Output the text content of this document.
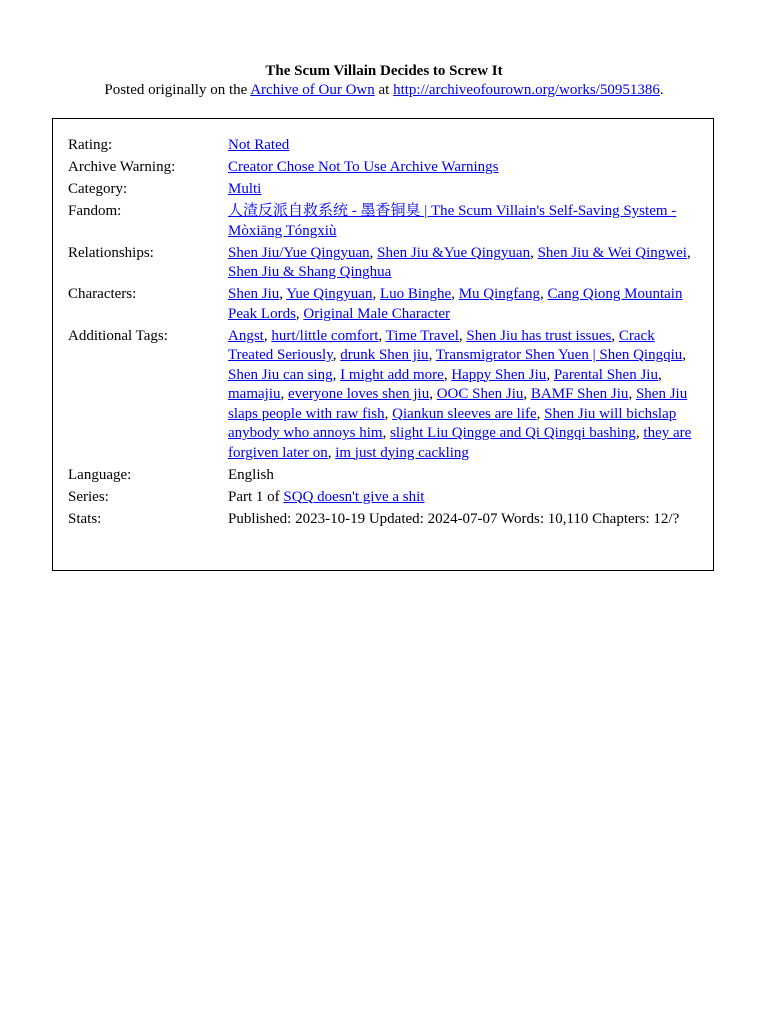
The Scum Villain Decides to Screw It
Posted originally on the Archive of Our Own at http://archiveofourown.org/works/50951386.
Rating:	Not Rated
Archive Warning:	Creator Chose Not To Use Archive Warnings
Category:	Multi
Fandom:	人渣反派自救系统 - 墨香铜臭 | The Scum Villain's Self-Saving System - Mòxiāng Tóngxiù
Relationships:	Shen Jiu/Yue Qingyuan, Shen Jiu &Yue Qingyuan, Shen Jiu & Wei Qingwei, Shen Jiu & Shang Qinghua
Characters:	Shen Jiu, Yue Qingyuan, Luo Binghe, Mu Qingfang, Cang Qiong Mountain Peak Lords, Original Male Character
Additional Tags:	Angst, hurt/little comfort, Time Travel, Shen Jiu has trust issues, Crack Treated Seriously, drunk Shen jiu, Transmigrator Shen Yuen | Shen Qingqiu, Shen Jiu can sing, I might add more, Happy Shen Jiu, Parental Shen Jiu, mamajiu, everyone loves shen jiu, OOC Shen Jiu, BAMF Shen Jiu, Shen Jiu slaps people with raw fish, Qiankun sleeves are life, Shen Jiu will bichslap anybody who annoys him, slight Liu Qingge and Qi Qingqi bashing, they are forgiven later on, im just dying cackling
Language:	English
Series:	Part 1 of SQQ doesn't give a shit
Stats:	Published: 2023-10-19 Updated: 2024-07-07 Words: 10,110 Chapters: 12/?
